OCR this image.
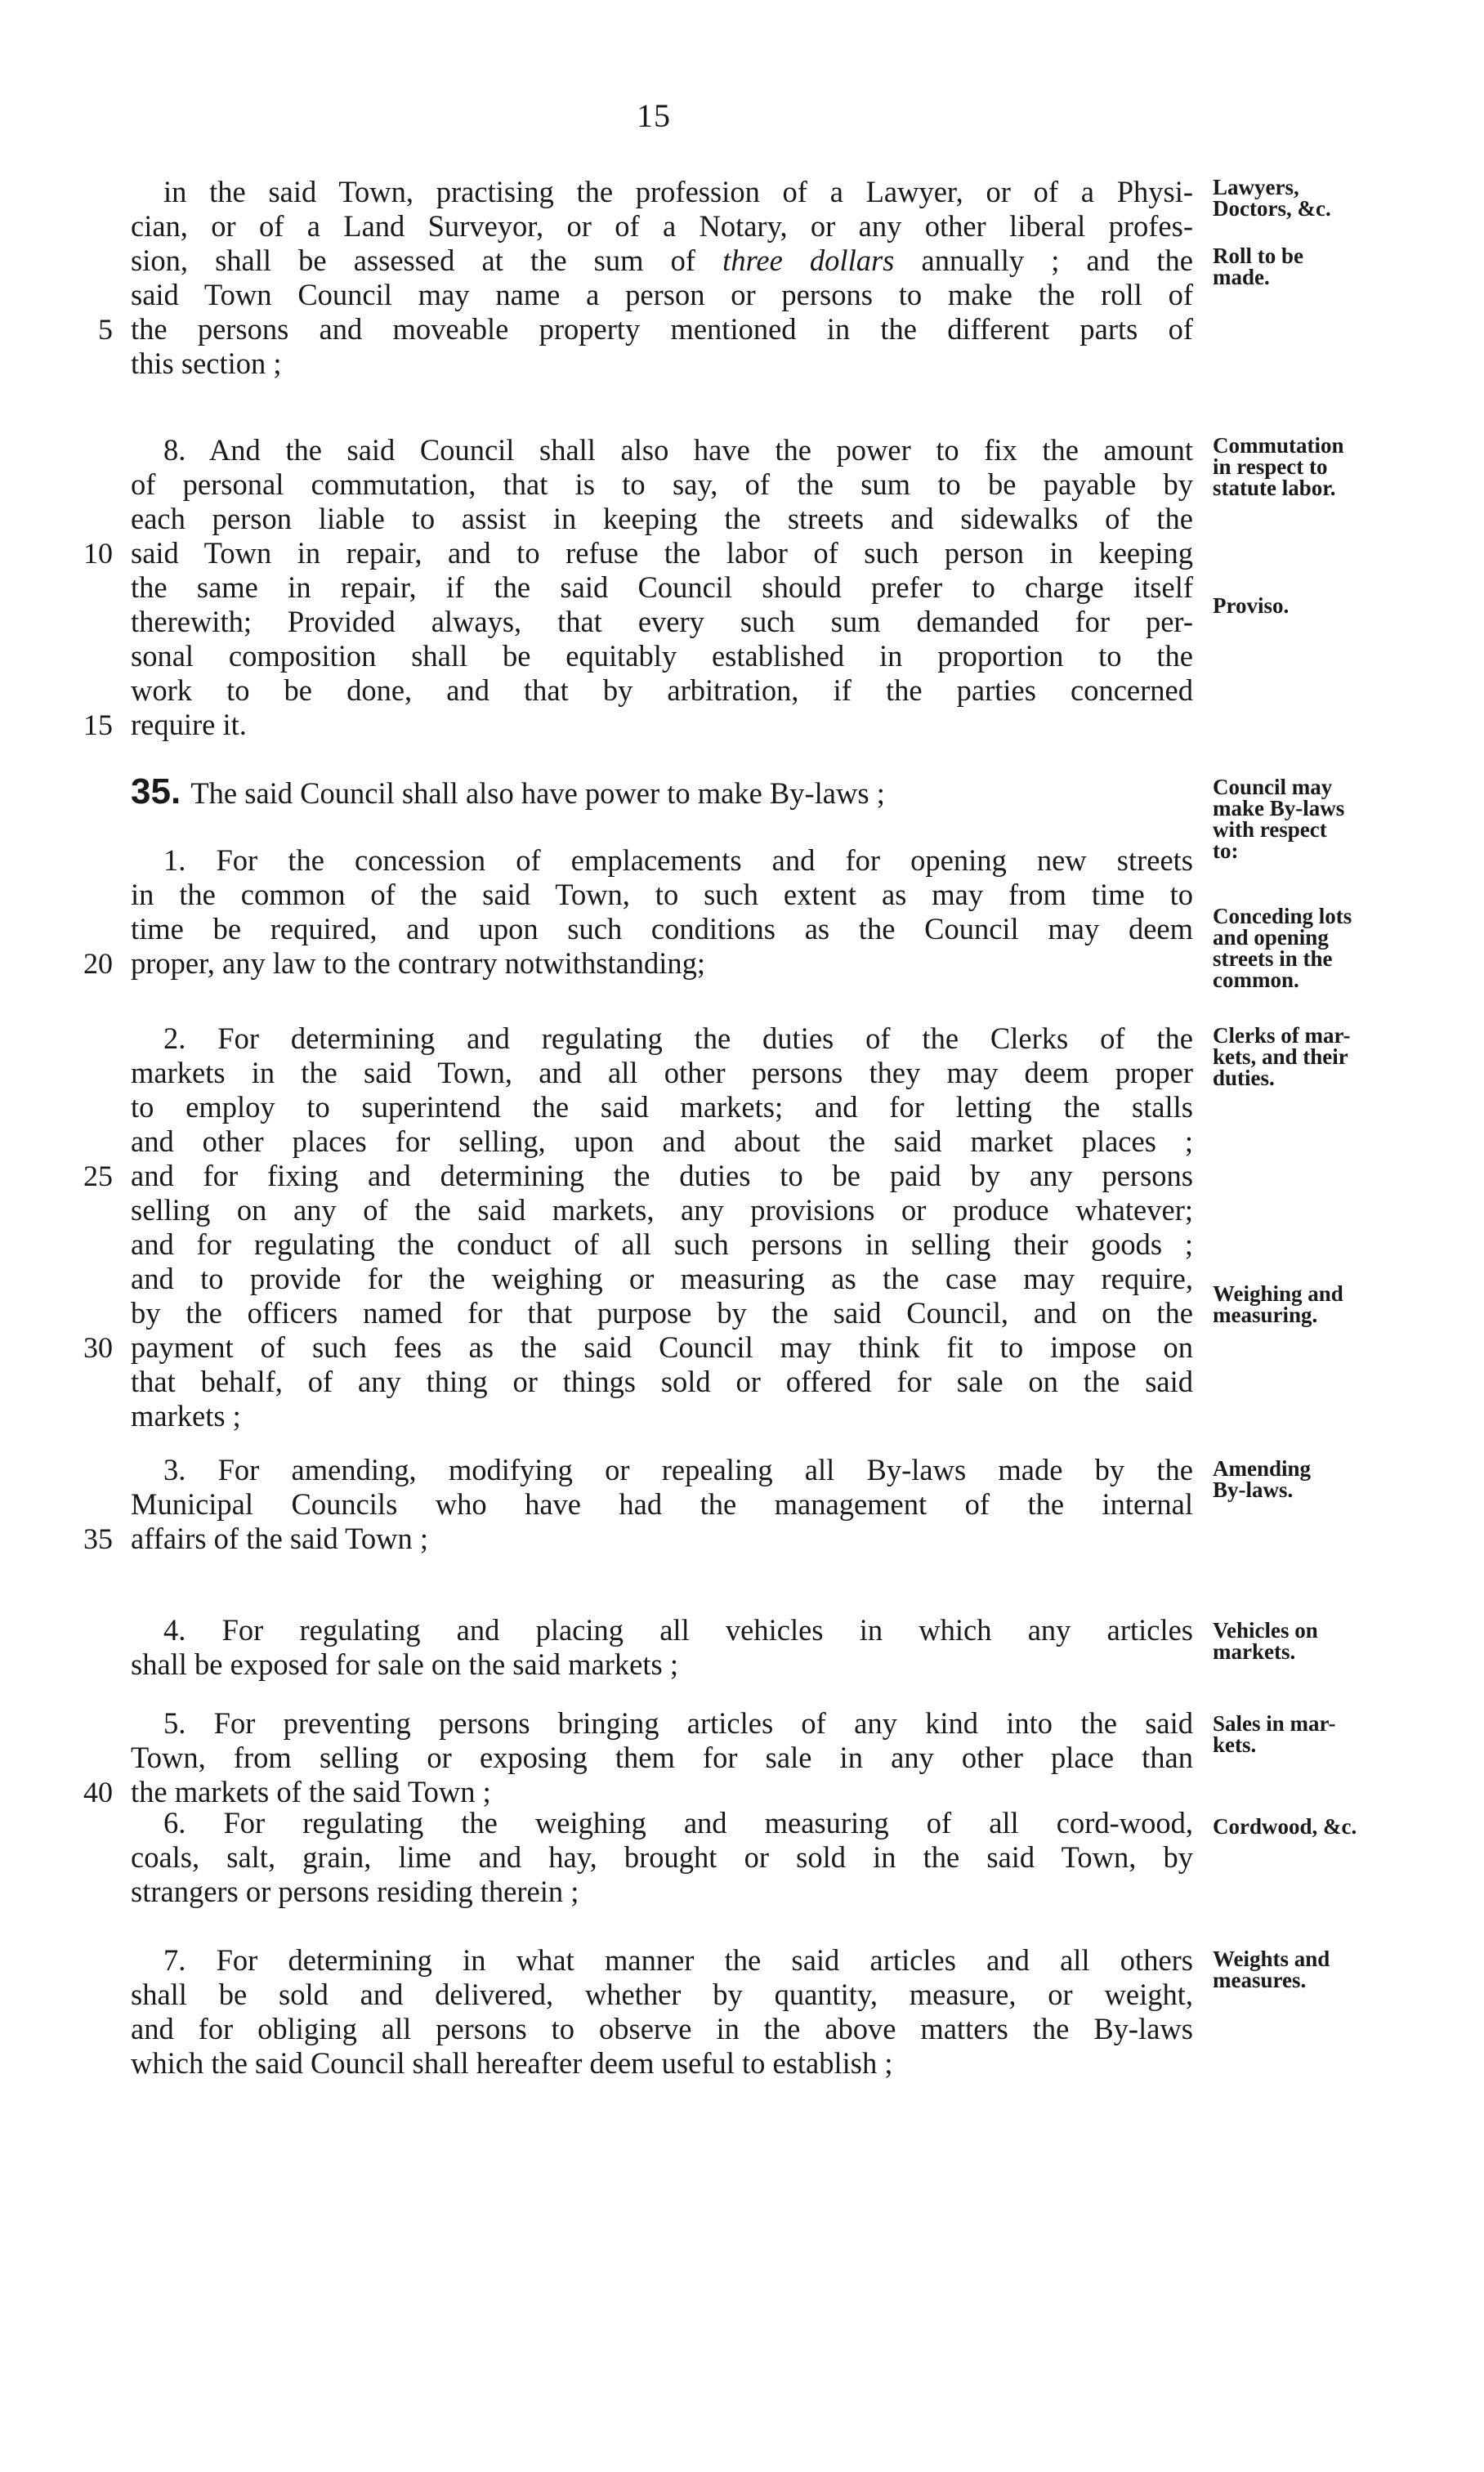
15
in the said Town, practising the profession of a Lawyer, or of a Physi-
cian, or of a Land Surveyor, or of a Notary, or any other liberal profes-
sion, shall be assessed at the sum of three dollars annually ; and the
said Town Council may name a person or persons to make the roll of
the persons and moveable property mentioned in the different parts of
this section ;
8. And the said Council shall also have the power to fix the amount
of personal commutation, that is to say, of the sum to be payable by
each person liable to assist in keeping the streets and sidewalks of the
said Town in repair, and to refuse the labor of such person in keeping
the same in repair, if the said Council should prefer to charge itself
therewith; Provided always, that every such sum demanded for per-
sonal composition shall be equitably established in proportion to the
work to be done, and that by arbitration, if the parties concerned
require it.
35. The said Council shall also have power to make By-laws ;
1. For the concession of emplacements and for opening new streets
in the common of the said Town, to such extent as may from time to
time be required, and upon such conditions as the Council may deem
proper, any law to the contrary notwithstanding;
2. For determining and regulating the duties of the Clerks of the
markets in the said Town, and all other persons they may deem proper
to employ to superintend the said markets; and for letting the stalls
and other places for selling, upon and about the said market places ;
and for fixing and determining the duties to be paid by any persons
selling on any of the said markets, any provisions or produce whatever;
and for regulating the conduct of all such persons in selling their goods ;
and to provide for the weighing or measuring as the case may require,
by the officers named for that purpose by the said Council, and on the
payment of such fees as the said Council may think fit to impose on
that behalf, of any thing or things sold or offered for sale on the said
markets ;
3. For amending, modifying or repealing all By-laws made by the
Municipal Councils who have had the management of the internal
affairs of the said Town ;
4. For regulating and placing all vehicles in which any articles
shall be exposed for sale on the said markets ;
5. For preventing persons bringing articles of any kind into the said
Town, from selling or exposing them for sale in any other place than
the markets of the said Town ;
6. For regulating the weighing and measuring of all cord-wood,
coals, salt, grain, lime and hay, brought or sold in the said Town, by
strangers or persons residing therein ;
7. For determining in what manner the said articles and all others
shall be sold and delivered, whether by quantity, measure, or weight,
and for obliging all persons to observe in the above matters the By-laws
which the said Council shall hereafter deem useful to establish ;
5
10
15
20
25
30
35
40
Lawyers,
Doctors, &c.
Roll to be
made.
Commutation
in respect to
statute labor.
Proviso.
Council may
make By-laws
with respect
to:
Conceding lots
and opening
streets in the
common.
Clerks of mar-
kets, and their
duties.
Weighing and
measuring.
Amending
By-laws.
Vehicles on
markets.
Sales in mar-
kets.
Cordwood, &c.
Weights and
measures.
